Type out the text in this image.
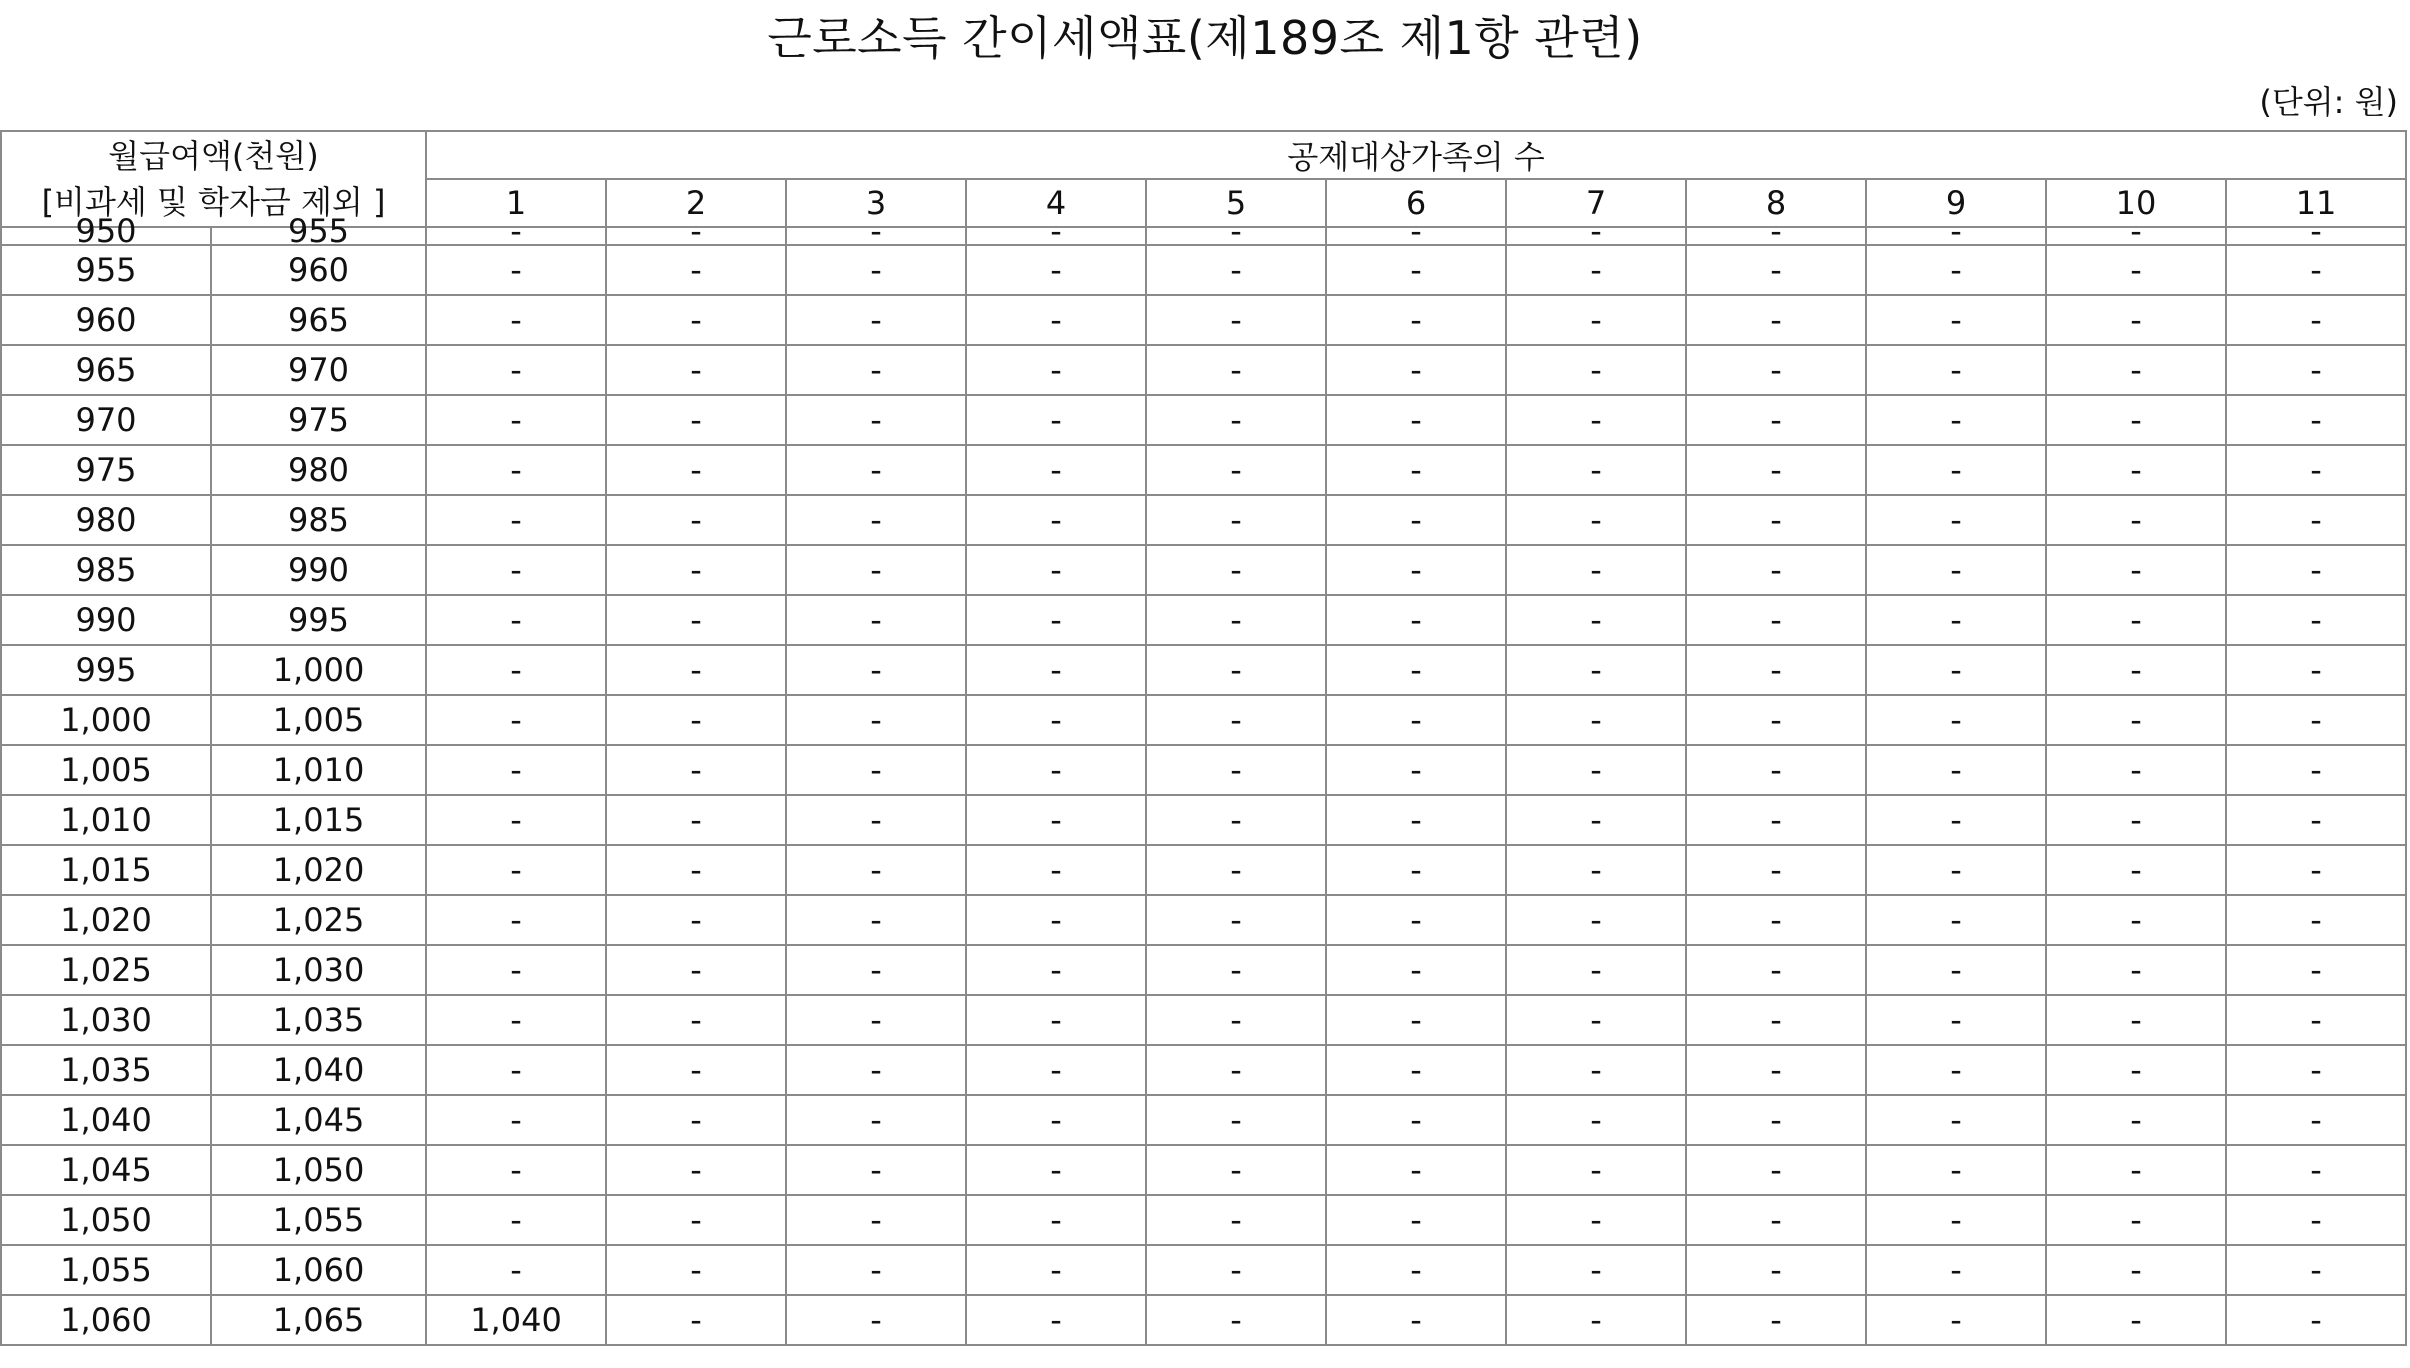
근로소득 간이세액표(제189조 제1항 관련)
(단위: 원)
월급여액(천원)
[비과세 및 학자금 제외 ]		공제대상가족의 수										
		1	2	3	4	5	6	7	8	9	10	11

950	955	-	-	-	-	-	-	-	-	-	-	-

955	960	-	-	-	-	-	-	-	-	-	-	-
960	965	-	-	-	-	-	-	-	-	-	-	-
965	970	-	-	-	-	-	-	-	-	-	-	-
970	975	-	-	-	-	-	-	-	-	-	-	-
975	980	-	-	-	-	-	-	-	-	-	-	-
980	985	-	-	-	-	-	-	-	-	-	-	-
985	990	-	-	-	-	-	-	-	-	-	-	-
990	995	-	-	-	-	-	-	-	-	-	-	-
995	1,000	-	-	-	-	-	-	-	-	-	-	-
1,000	1,005	-	-	-	-	-	-	-	-	-	-	-
1,005	1,010	-	-	-	-	-	-	-	-	-	-	-
1,010	1,015	-	-	-	-	-	-	-	-	-	-	-
1,015	1,020	-	-	-	-	-	-	-	-	-	-	-
1,020	1,025	-	-	-	-	-	-	-	-	-	-	-
1,025	1,030	-	-	-	-	-	-	-	-	-	-	-
1,030	1,035	-	-	-	-	-	-	-	-	-	-	-
1,035	1,040	-	-	-	-	-	-	-	-	-	-	-
1,040	1,045	-	-	-	-	-	-	-	-	-	-	-
1,045	1,050	-	-	-	-	-	-	-	-	-	-	-
1,050	1,055	-	-	-	-	-	-	-	-	-	-	-
1,055	1,060	-	-	-	-	-	-	-	-	-	-	-
1,060	1,065	1,040	-	-	-	-	-	-	-	-	-	-
